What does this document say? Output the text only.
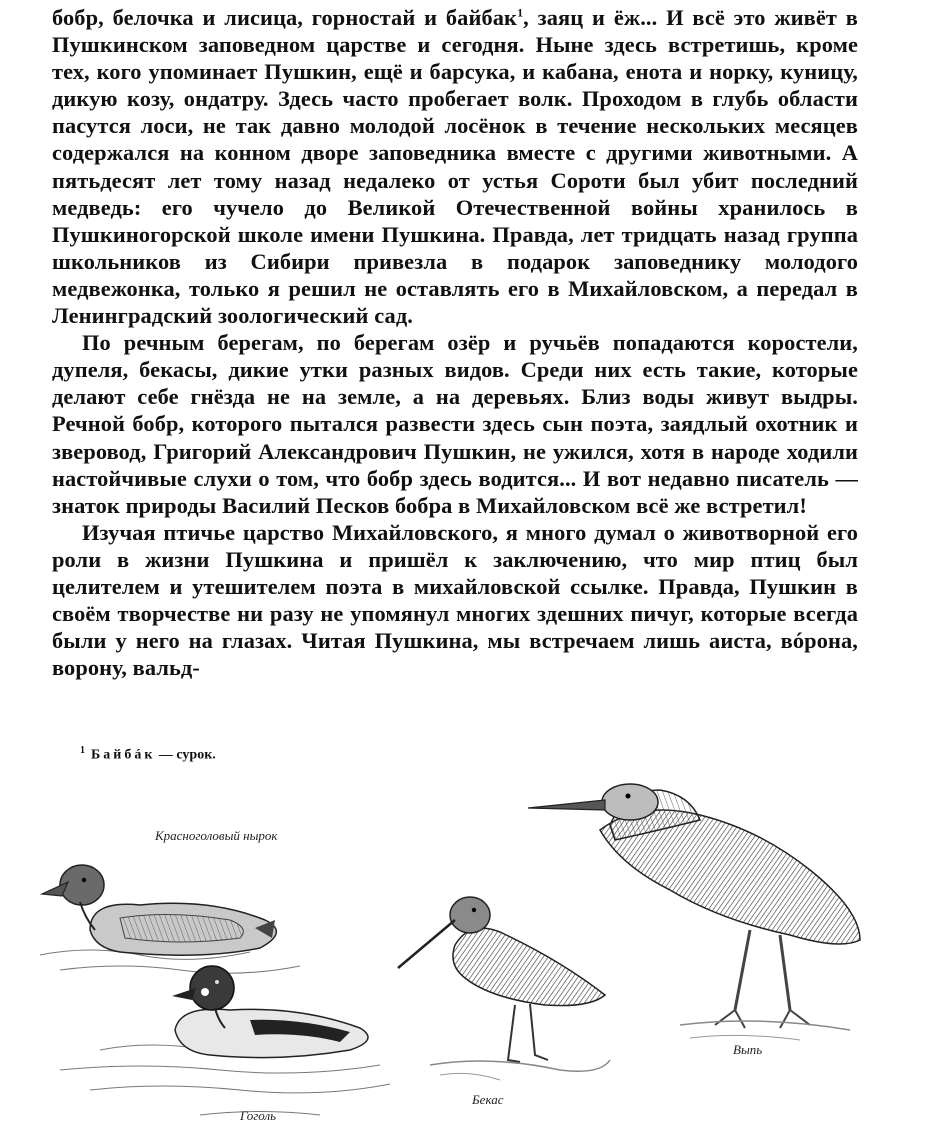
бобр, белочка и лисица, горностай и байбак$^1$, заяц и ёж... И всё это живёт в Пушкинском заповедном царстве и сегодня. Ныне здесь встретишь, кроме тех, кого упоминает Пушкин, ещё и барсука, и кабана, енота и норку, куницу, дикую козу, ондатру. Здесь часто пробегает волк. Проходом в глубь области пасутся лоси, не так давно молодой лосёнок в течение нескольких месяцев содержался на конном дворе заповедника вместе с другими животными. А пятьдесят лет тому назад недалеко от устья Сороти был убит последний медведь: его чучело до Великой Отечественной войны хранилось в Пушкиногорской школе имени Пушкина. Правда, лет тридцать назад группа школьников из Сибири привезла в подарок заповеднику молодого медвежонка, только я решил не оставлять его в Михайловском, а передал в Ленинградский зоологический сад.

По речным берегам, по берегам озёр и ручьёв попадаются коростели, дупеля, бекасы, дикие утки разных видов. Среди них есть такие, которые делают себе гнёзда не на земле, а на деревьях. Близ воды живут выдры. Речной бобр, которого пытался развести здесь сын поэта, заядлый охотник и зверовод, Григорий Александрович Пушкин, не ужился, хотя в народе ходили настойчивые слухи о том, что бобр здесь водится... И вот недавно писатель — знаток природы Василий Песков бобра в Михайловском всё же встретил!

Изучая птичье царство Михайловского, я много думал о животворной его роли в жизни Пушкина и пришёл к заключению, что мир птиц был целителем и утешителем поэта в михайловской ссылке. Правда, Пушкин в своём творчестве ни разу не упомянул многих здешних пичуг, которые всегда были у него на глазах. Читая Пушкина, мы встречаем лишь аиста, вóрона, ворону, вальд-

$^1$ Байбáк — сурок.
Красноголовый нырок
Гоголь
Бекас
Выпь
